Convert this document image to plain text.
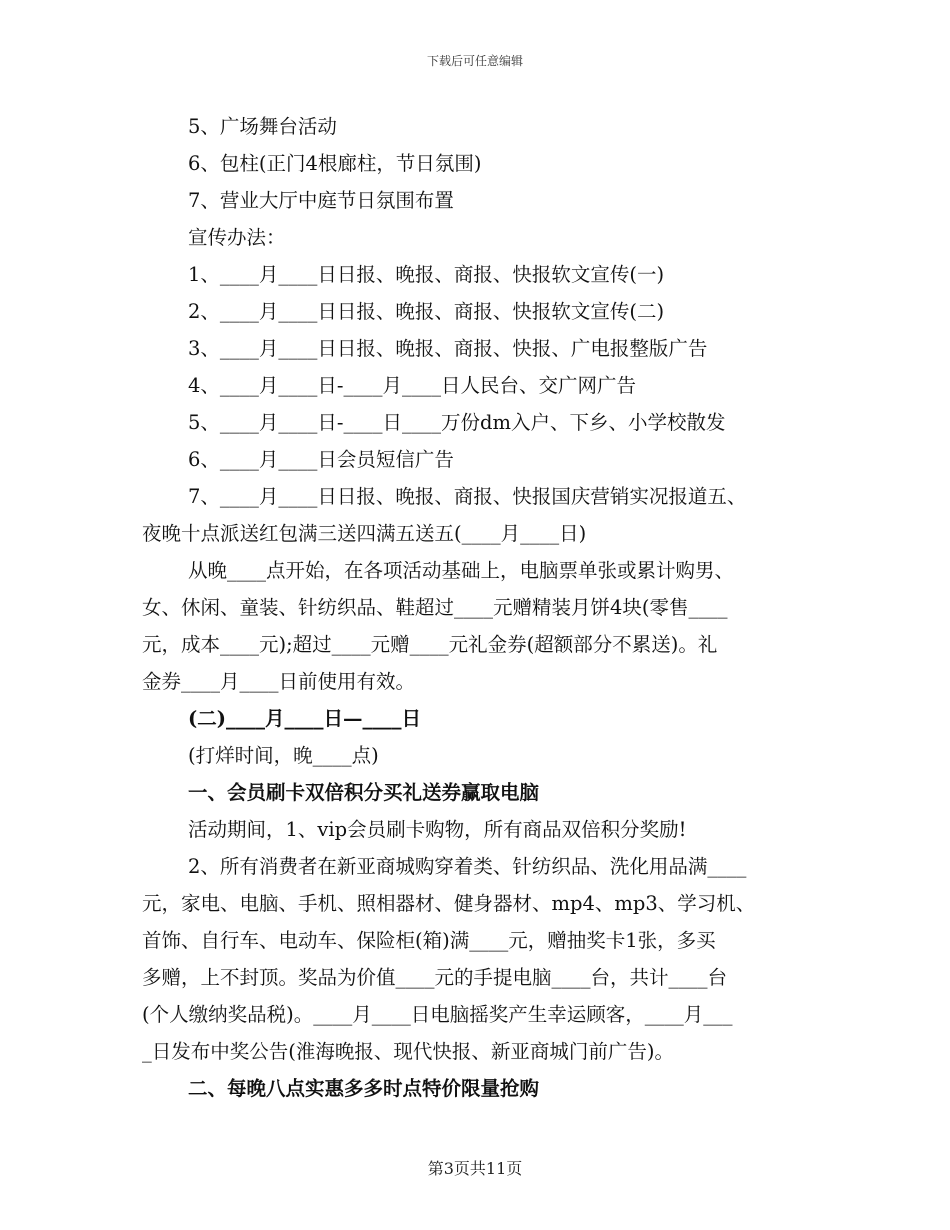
下载后可任意编辑
5、广场舞台活动
6、包柱(正门4根廊柱，节日氛围)
7、营业大厅中庭节日氛围布置
宣传办法：
1、____月____日日报、晚报、商报、快报软文宣传(一)
2、____月____日日报、晚报、商报、快报软文宣传(二)
3、____月____日日报、晚报、商报、快报、广电报整版广告
4、____月____日-____月____日人民台、交广网广告
5、____月____日-____日____万份dm入户、下乡、小学校散发
6、____月____日会员短信广告
7、____月____日日报、晚报、商报、快报国庆营销实况报道五、
夜晚十点派送红包满三送四满五送五(____月____日)
从晚____点开始，在各项活动基础上，电脑票单张或累计购男、
女、休闲、童装、针纺织品、鞋超过____元赠精装月饼4块(零售____
元，成本____元);超过____元赠____元礼金券(超额部分不累送)。礼
金券____月____日前使用有效。
(二)____月____日—____日
(打烊时间，晚____点)
一、会员刷卡双倍积分买礼送券赢取电脑
活动期间，1、vip会员刷卡购物，所有商品双倍积分奖励!
2、所有消费者在新亚商城购穿着类、针纺织品、洗化用品满____
元，家电、电脑、手机、照相器材、健身器材、mp4、mp3、学习机、
首饰、自行车、电动车、保险柜(箱)满____元，赠抽奖卡1张，多买
多赠，上不封顶。奖品为价值____元的手提电脑____台，共计____台
(个人缴纳奖品税)。____月____日电脑摇奖产生幸运顾客，____月___
_日发布中奖公告(淮海晚报、现代快报、新亚商城门前广告)。
二、每晚八点实惠多多时点特价限量抢购
第3页共11页
